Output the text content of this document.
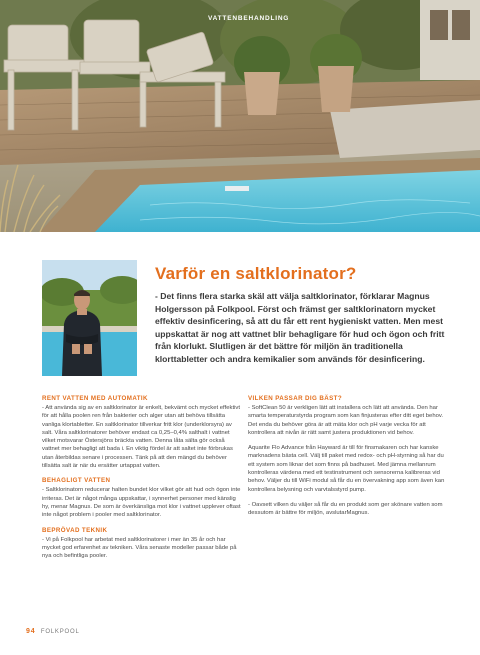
VATTENBEHANDLING
Varför en saltklorinator?

- Det finns flera starka skäl att välja saltklorinator, förklarar Magnus Holgersson på Folkpool. Först och främst ger saltklorinatorn mycket effektiv desinficering, så att du får ett rent hygieniskt vatten. Men mest uppskattat är nog att vattnet blir behagligare för hud och ögon och fritt från klorlukt. Slutligen är det bättre för miljön än traditionella klorttabletter och andra kemikalier som används för desinficering.

RENT VATTEN MED AUTOMATIK

- Att använda sig av en saltklorinator är enkelt, bekvämt och mycket effektivt för att hålla poolen ren från bakterier och alger utan att behöva tillsätta vanliga klortabletter. En saltklorinator tillverkar fritt klor (underklorsyra) av salt. Våra saltklorinatorer behöver endast ca 0,25–0,4% salthalt i vattnet vilket motsvarar Östersjöns bräckta vatten. Denna låta sälta gör också vattnet mer behagligt att bada i. En viktig fördel är att saltet inte förbrukas utan återbildas senare i processen. Tänk på att den mängd du behöver tillsätta salt är när du ersätter urtappat vatten.

BEHAGLIGT VATTEN

- Saltklorinatorn reducerar halten bundet klor vilket gör att hud och ögon inte irriteras. Det är något många uppskattar, i synnerhet personer med känslig hy, menar Magnus. De som är överkänsliga mot klor i vattnet upplever oftast inte något problem i pooler med saltklorinator.

BEPRÖVAD TEKNIK

- Vi på Folkpool har arbetat med saltklorinatorer i mer än 35 år och har mycket god erfarenhet av tekniken. Våra senaste modeller passar både på nya och befintliga pooler.

VILKEN PASSAR DIG BÄST?

- SoftClean 50 är verkligen lätt att installera och lätt att använda. Den har smarta temperaturstyrda program som kan finjusteras efter ditt eget behov. Det enda du behöver göra är att mäta klor och pH varje vecka för att kontrollera att nivån är rätt samt justera produktionen vid behov.

Aquarite Flo Advance från Hayward är till för finsmakaren och har kanske marknadens bästa cell. Välj till paket med redox- och pH-styrning så har du ett system som liknar det som finns på badhuset. Med jämna mellanrum kontrolleras värdena med ett testinstrument och sensorerna kalibreras vid behov. Väljer du till WiFi modul så får du en övervakning app som även kan kontrollera belysning och varvtalsstyrd pump.

- Oavsett vilken du väljer så får du en produkt som ger skönare vatten som dessutom är bättre för miljön, avslutarMagnus.

94 FOLKPOOL
